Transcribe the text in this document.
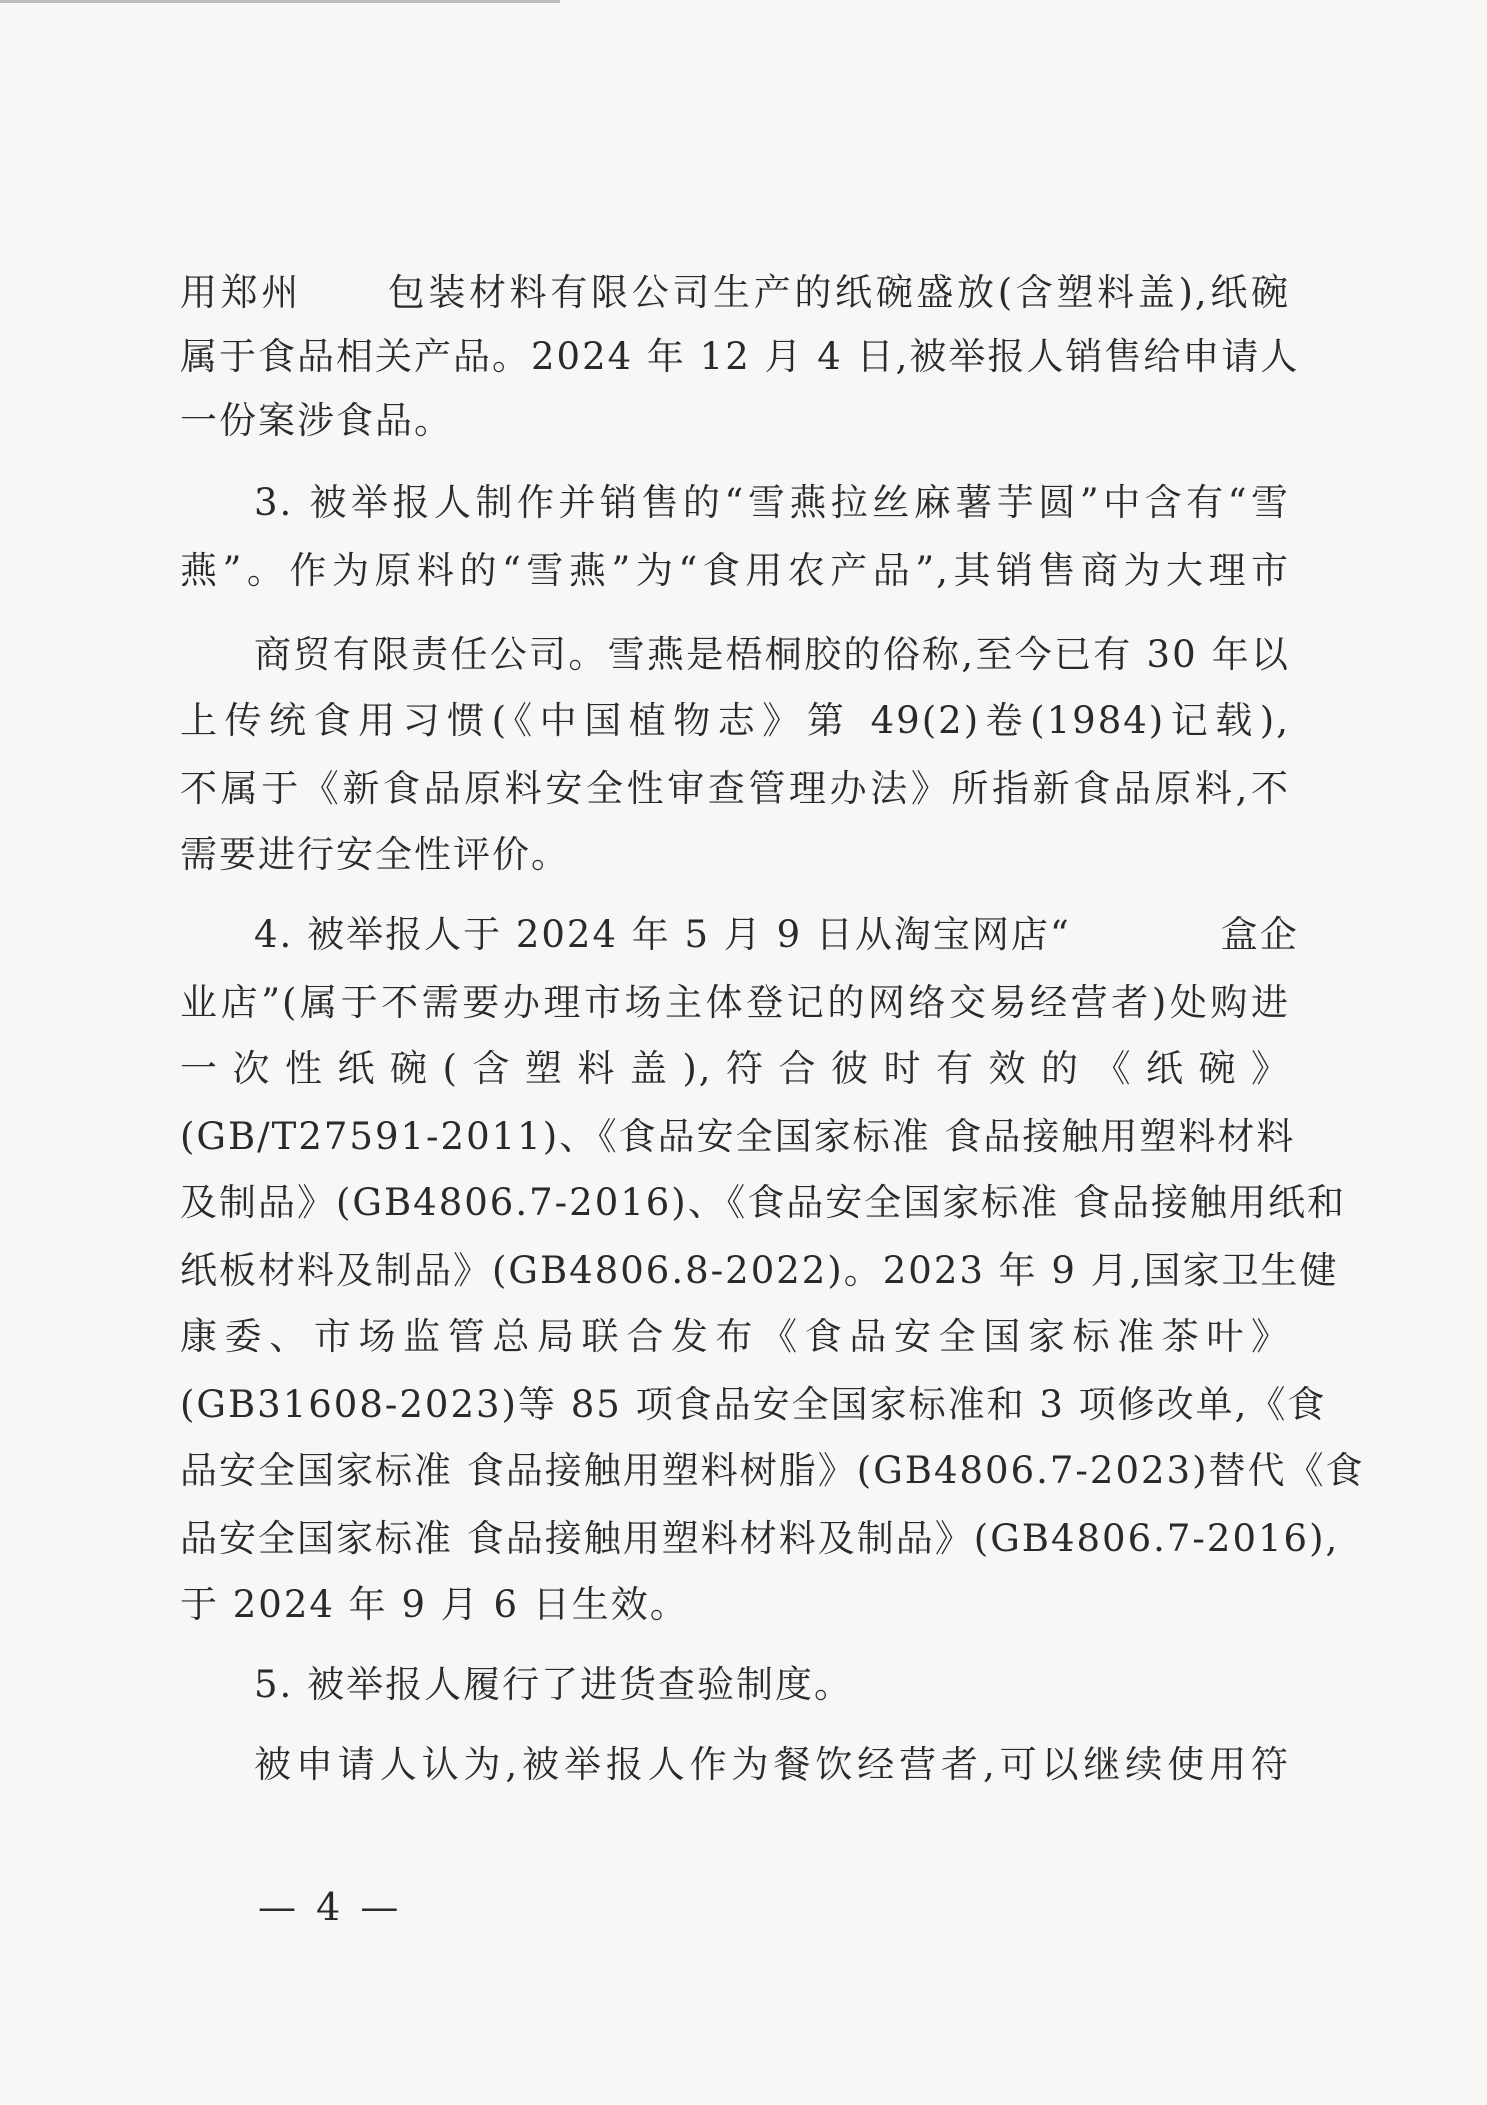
用郑州 包装材料有限公司生产的纸碗盛放(含塑料盖),纸碗
属于食品相关产品。2024 年 12 月 4 日,被举报人销售给申请人
一份案涉食品。
3. 被举报人制作并销售的“雪燕拉丝麻薯芋圆”中含有“雪
燕”。作为原料的“雪燕”为“食用农产品”,其销售商为大理市
商贸有限责任公司。雪燕是梧桐胶的俗称,至今已有 30 年以
上传统食用习惯(《中国植物志》第 49(2)卷(1984)记载),
不属于《新食品原料安全性审查管理办法》所指新食品原料,不
需要进行安全性评价。
4. 被举报人于 2024 年 5 月 9 日从淘宝网店“	盒企
业店”(属于不需要办理市场主体登记的网络交易经营者)处购进
一次性纸碗(含塑料盖),符合彼时有效的《纸碗》
(GB/T27591-2011)、《食品安全国家标准 食品接触用塑料材料
及制品》(GB4806.7-2016)、《食品安全国家标准 食品接触用纸和
纸板材料及制品》(GB4806.8-2022)。2023 年 9 月,国家卫生健
康委、市场监管总局联合发布《食品安全国家标准茶叶》
(GB31608-2023)等 85 项食品安全国家标准和 3 项修改单,《食
品安全国家标准 食品接触用塑料树脂》(GB4806.7-2023)替代《食
品安全国家标准 食品接触用塑料材料及制品》(GB4806.7-2016),
于 2024 年 9 月 6 日生效。
5. 被举报人履行了进货查验制度。
被申请人认为,被举报人作为餐饮经营者,可以继续使用符
— 4 —
